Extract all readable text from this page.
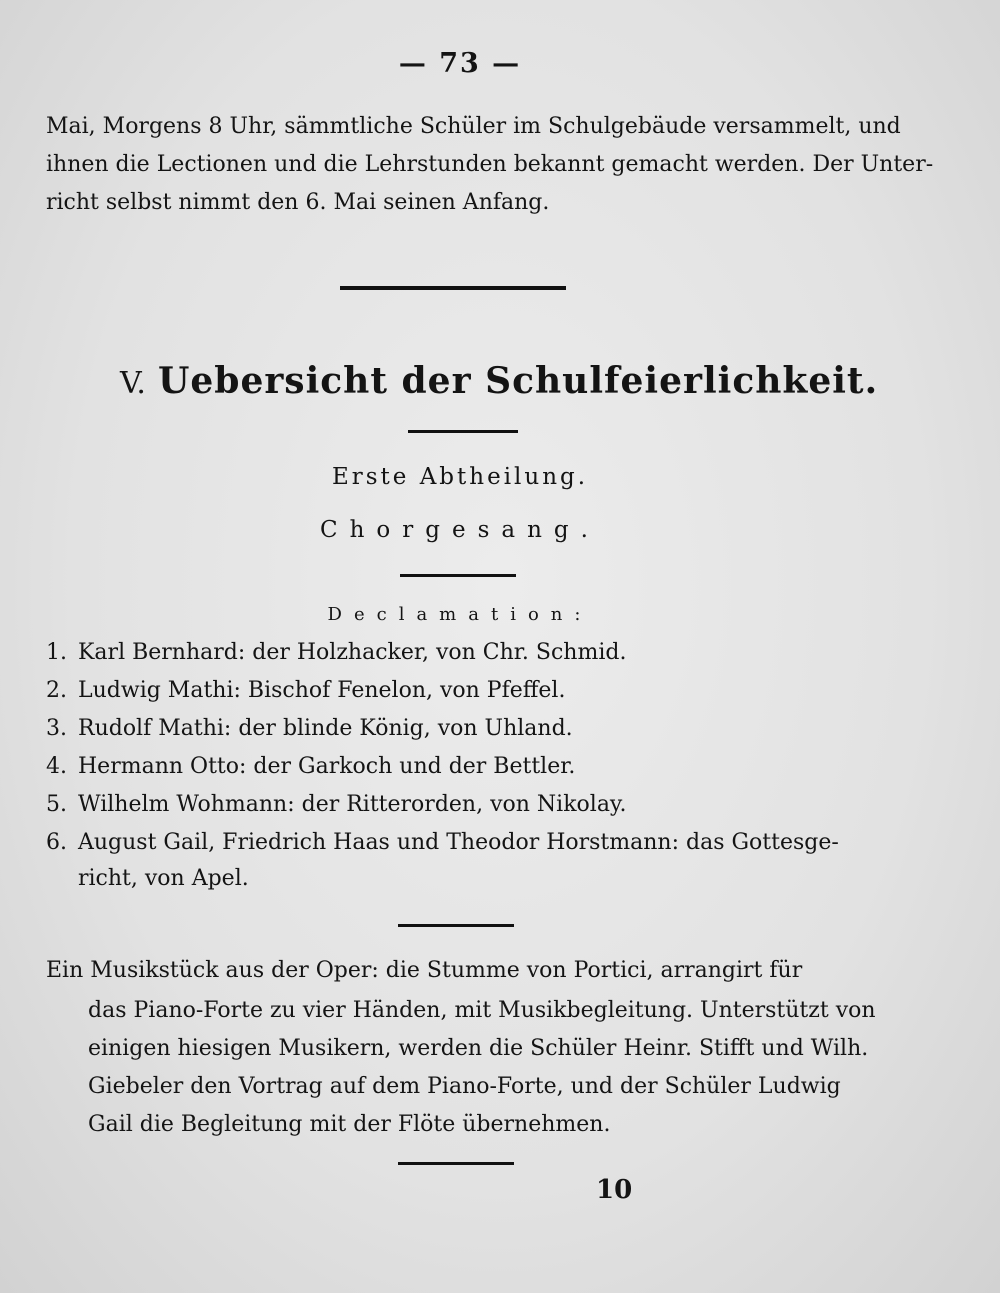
— 73 —
Mai, Morgens 8 Uhr, sämmtliche Schüler im Schulgebäude versammelt, und
ihnen die Lectionen und die Lehrstunden bekannt gemacht werden. Der Unter-
richt selbst nimmt den 6. Mai seinen Anfang.
V. Uebersicht der Schulfeierlichkeit.
Erste Abtheilung.
Chorgesang.
Declamation:
1. Karl Bernhard: der Holzhacker, von Chr. Schmid.
2. Ludwig Mathi: Bischof Fenelon, von Pfeffel.
3. Rudolf Mathi: der blinde König, von Uhland.
4. Hermann Otto: der Garkoch und der Bettler.
5. Wilhelm Wohmann: der Ritterorden, von Nikolay.
6. August Gail, Friedrich Haas und Theodor Horstmann: das Gottesge-
richt, von Apel.
Ein Musikstück aus der Oper: die Stumme von Portici, arrangirt für
das Piano-Forte zu vier Händen, mit Musikbegleitung. Unterstützt von
einigen hiesigen Musikern, werden die Schüler Heinr. Stifft und Wilh.
Giebeler den Vortrag auf dem Piano-Forte, und der Schüler Ludwig
Gail die Begleitung mit der Flöte übernehmen.
10
